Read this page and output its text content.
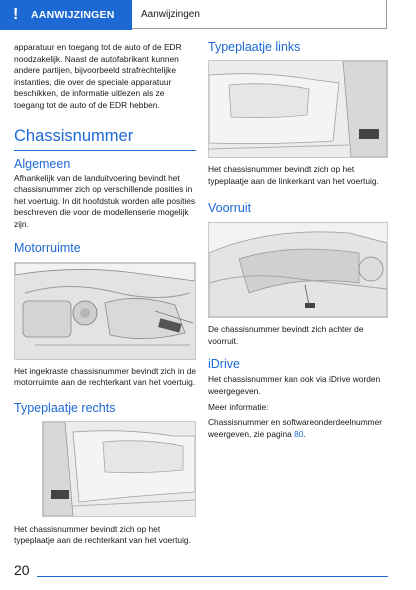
!	AANWIJZINGEN	Aanwijzingen

apparatuur en toegang tot de auto of de EDR noodzakelijk. Naast de autofabrikant kunnen andere partijen, bijvoorbeeld strafrechtelijke instanties, die over de speciale apparatuur beschikken, de informatie uitlezen als ze toegang tot de auto of de EDR hebben.

Chassisnummer
Algemeen

Afhankelijk van de landuitvoering bevindt het chassisnummer zich op verschillende posities in het voertuig. In dit hoofdstuk worden alle posities beschreven die voor de modellenserie mogelijk zijn.

Motorruimte

Het ingekraste chassisnummer bevindt zich in de motorruimte aan de rechterkant van het voertuig.

Typeplaatje rechts

Het chassisnummer bevindt zich op het typeplaatje aan de rechterkant van het voertuig.

Typeplaatje links

Het chassisnummer bevindt zich op het typeplaatje aan de linkerkant van het voertuig.

Voorruit

De chassisnummer bevindt zich achter de voorruit.

iDrive

Het chassisnummer kan ook via iDrive worden weergegeven.

Meer informatie:

Chassisnummer en softwareonderdeelnummer weergeven, zie pagina 80.

20
